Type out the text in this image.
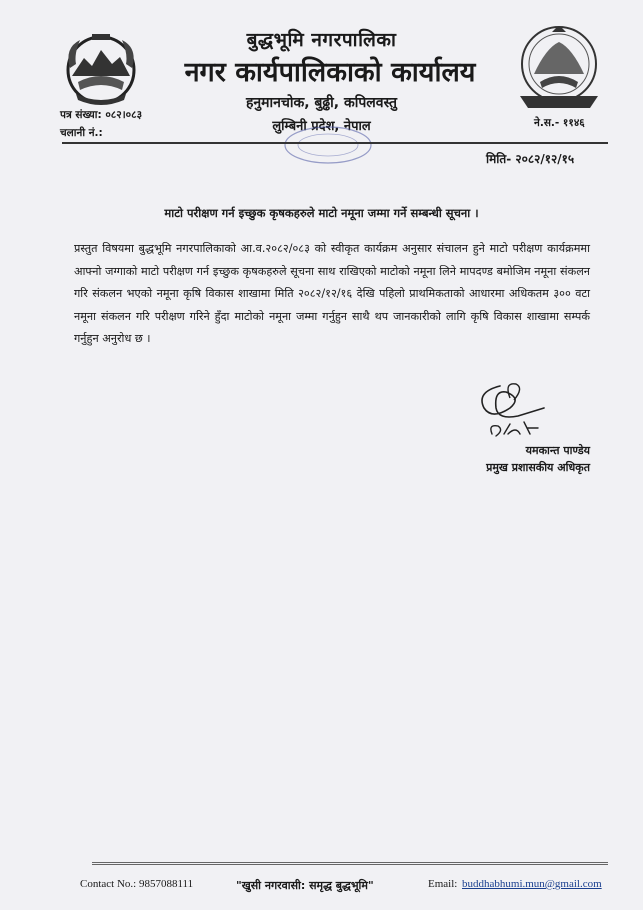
बुद्धभूमि नगरपालिका
नगर कार्यपालिकाको कार्यालय
हनुमानचोक, बुढ्ढी, कपिलवस्तु
लुम्बिनी प्रदेश, नेपाल
पत्र संख्या: ०८२।०८३
चलानी नं.:
ने.स.- ११४६
मिति- २०८२/१२/१५
माटो परीक्षण गर्न इच्छुक कृषकहरुले माटो नमूना जम्मा गर्ने सम्बन्धी सूचना ।
प्रस्तुत विषयमा बुद्धभूमि नगरपालिकाको आ.व.२०८२/०८३ को स्वीकृत कार्यक्रम अनुसार संचालन हुने माटो परीक्षण कार्यक्रममा आफ्नो जग्गाको माटो परीक्षण गर्न इच्छुक कृषकहरुले सूचना साथ राखिएको माटोको नमूना लिने मापदण्ड बमोजिम नमूना संकलन गरि संकलन भएको नमूना कृषि विकास शाखामा मिति २०८२/१२/१६ देखि पहिलो प्राथमिकताको आधारमा अधिकतम ३०० वटा नमूना संकलन गरि परीक्षण गरिने हुँदा माटोको नमूना जम्मा गर्नुहुन साथै थप जानकारीको लागि कृषि विकास शाखामा सम्पर्क गर्नुहुन अनुरोध छ ।
यमकान्त पाण्डेय
प्रमुख प्रशासकीय अधिकृत
Contact No.: 9857088111	"खुसी नगरवासी: समृद्ध बुद्धभूमि"	Email: buddhabhumi.mun@gmail.com
